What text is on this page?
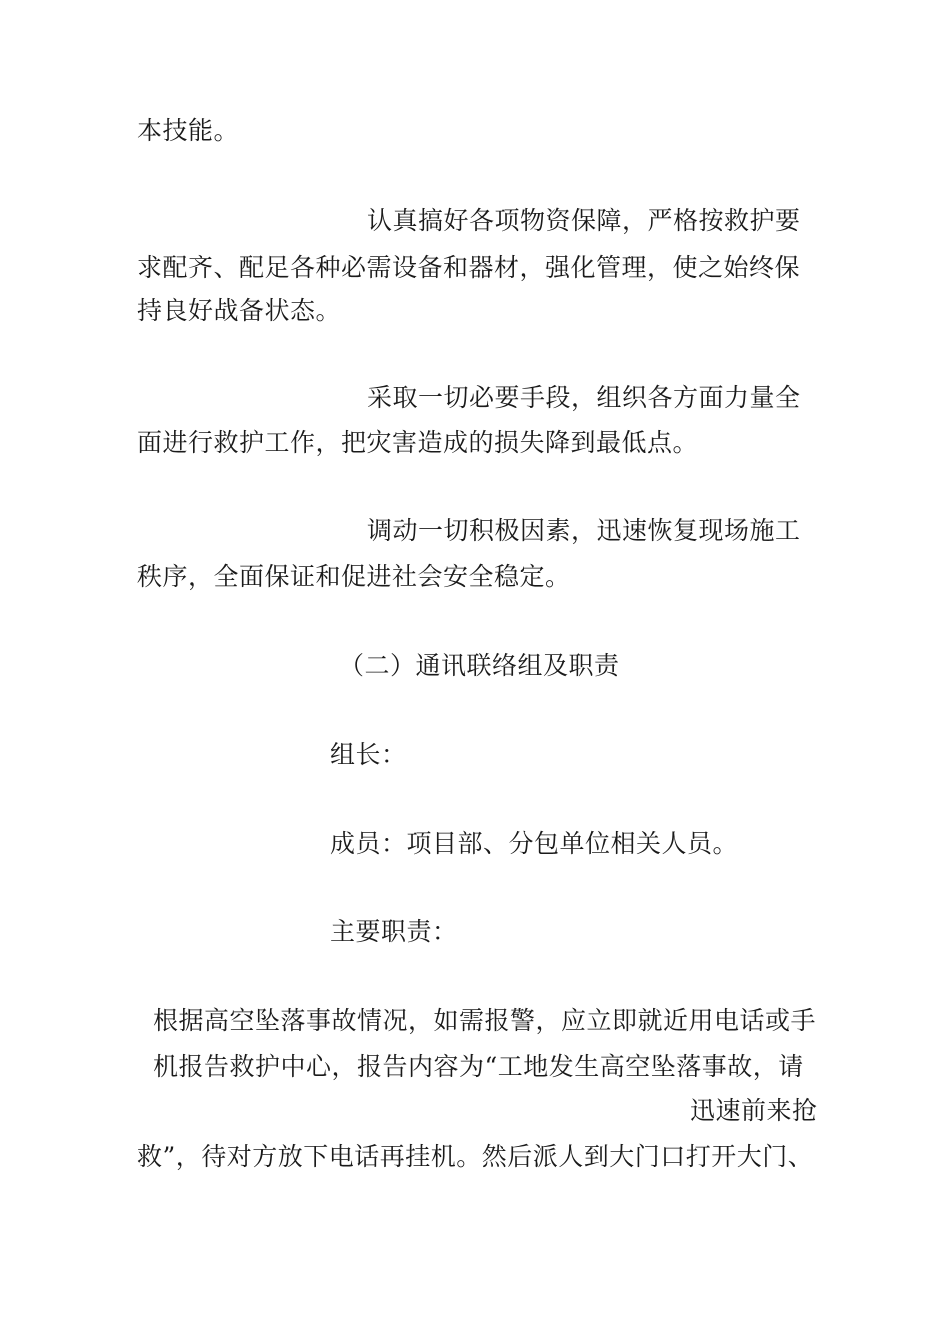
本技能。
认真搞好各项物资保障，严格按救护要
求配齐、配足各种必需设备和器材，强化管理，使之始终保
持良好战备状态。
采取一切必要手段，组织各方面力量全
面进行救护工作，把灾害造成的损失降到最低点。
调动一切积极因素，迅速恢复现场施工
秩序，全面保证和促进社会安全稳定。
（二）通讯联络组及职责
组长：
成员：项目部、分包单位相关人员。
主要职责：
根据高空坠落事故情况，如需报警，应立即就近用电话或手
机报告救护中心，报告内容为“工地发生高空坠落事故，请
迅速前来抢
救”，待对方放下电话再挂机。然后派人到大门口打开大门、
